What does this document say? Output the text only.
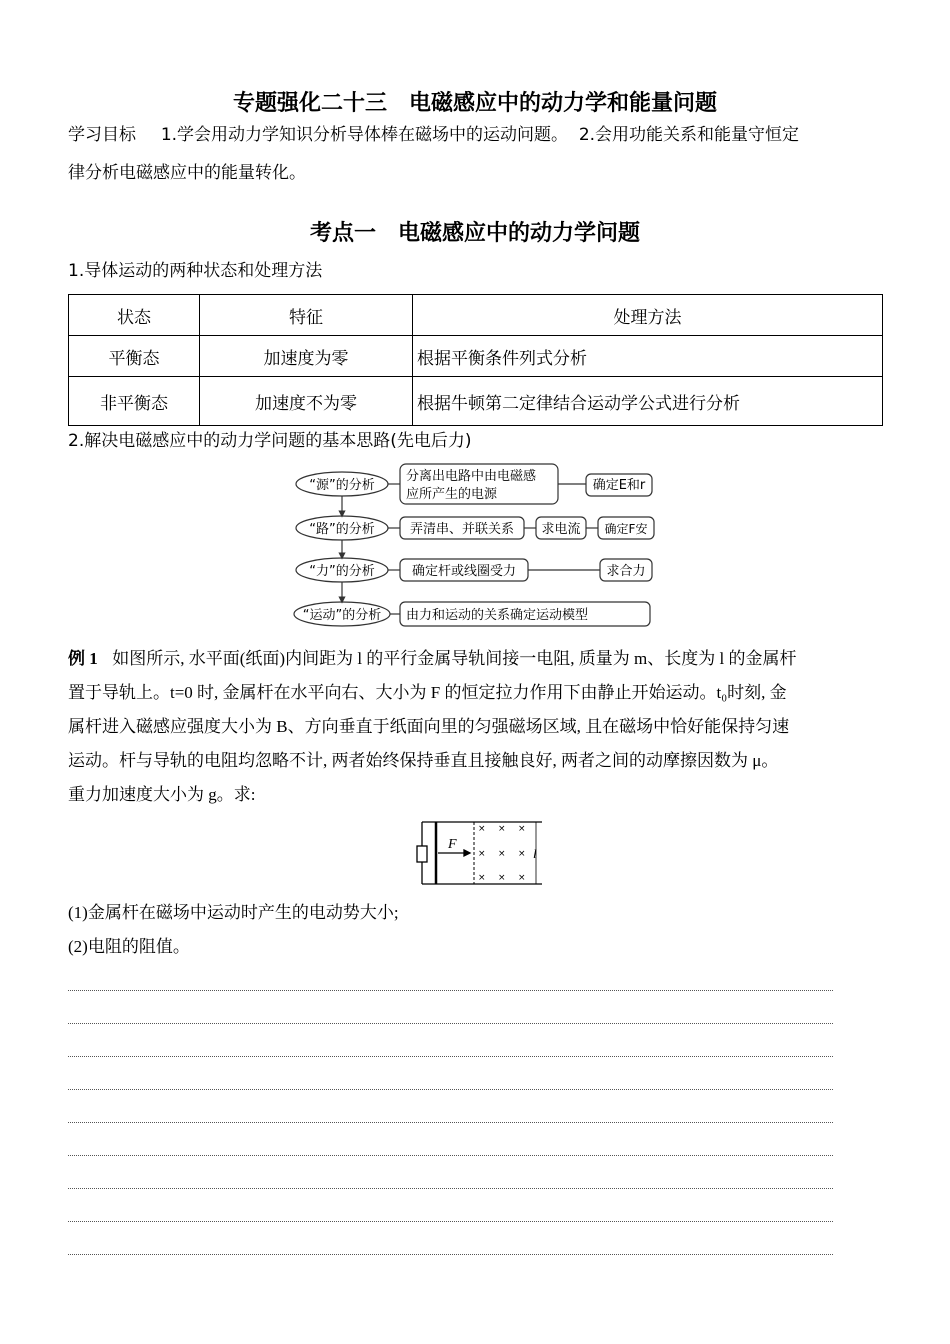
专题强化二十三　电磁感应中的动力学和能量问题
学习目标 1.学会用动力学知识分析导体棒在磁场中的运动问题。  2.会用功能关系和能量守恒定
律分析电磁感应中的能量转化。
考点一　电磁感应中的动力学问题
1.导体运动的两种状态和处理方法
状态	特征	处理方法
平衡态	加速度为零	根据平衡条件列式分析
非平衡态	加速度不为零	根据牛顿第二定律结合运动学公式进行分析
2.解决电磁感应中的动力学问题的基本思路(先电后力)
“源”的分析
“路”的分析
“力”的分析
“运动”的分析
分离出电路中由电磁感
应所产生的电源
确定E和r
弄清串、并联关系 求电流 确定F安
确定杆或线圈受力	求合力
由力和运动的关系确定运动模型
例 1 如图所示, 水平面(纸面)内间距为 l 的平行金属导轨间接一电阻, 质量为 m、长度为 l 的金属杆
置于导轨上。t=0 时, 金属杆在水平向右、大小为 F 的恒定拉力作用下由静止开始运动。t₀时刻, 金
属杆进入磁感应强度大小为 B、方向垂直于纸面向里的匀强磁场区域, 且在磁场中恰好能保持匀速
运动。杆与导轨的电阻均忽略不计, 两者始终保持垂直且接触良好, 两者之间的动摩擦因数为 μ。
重力加速度大小为 g。求:
F
l
× × ×
× × ×
× × ×
(1)金属杆在磁场中运动时产生的电动势大小;
(2)电阻的阻值。
